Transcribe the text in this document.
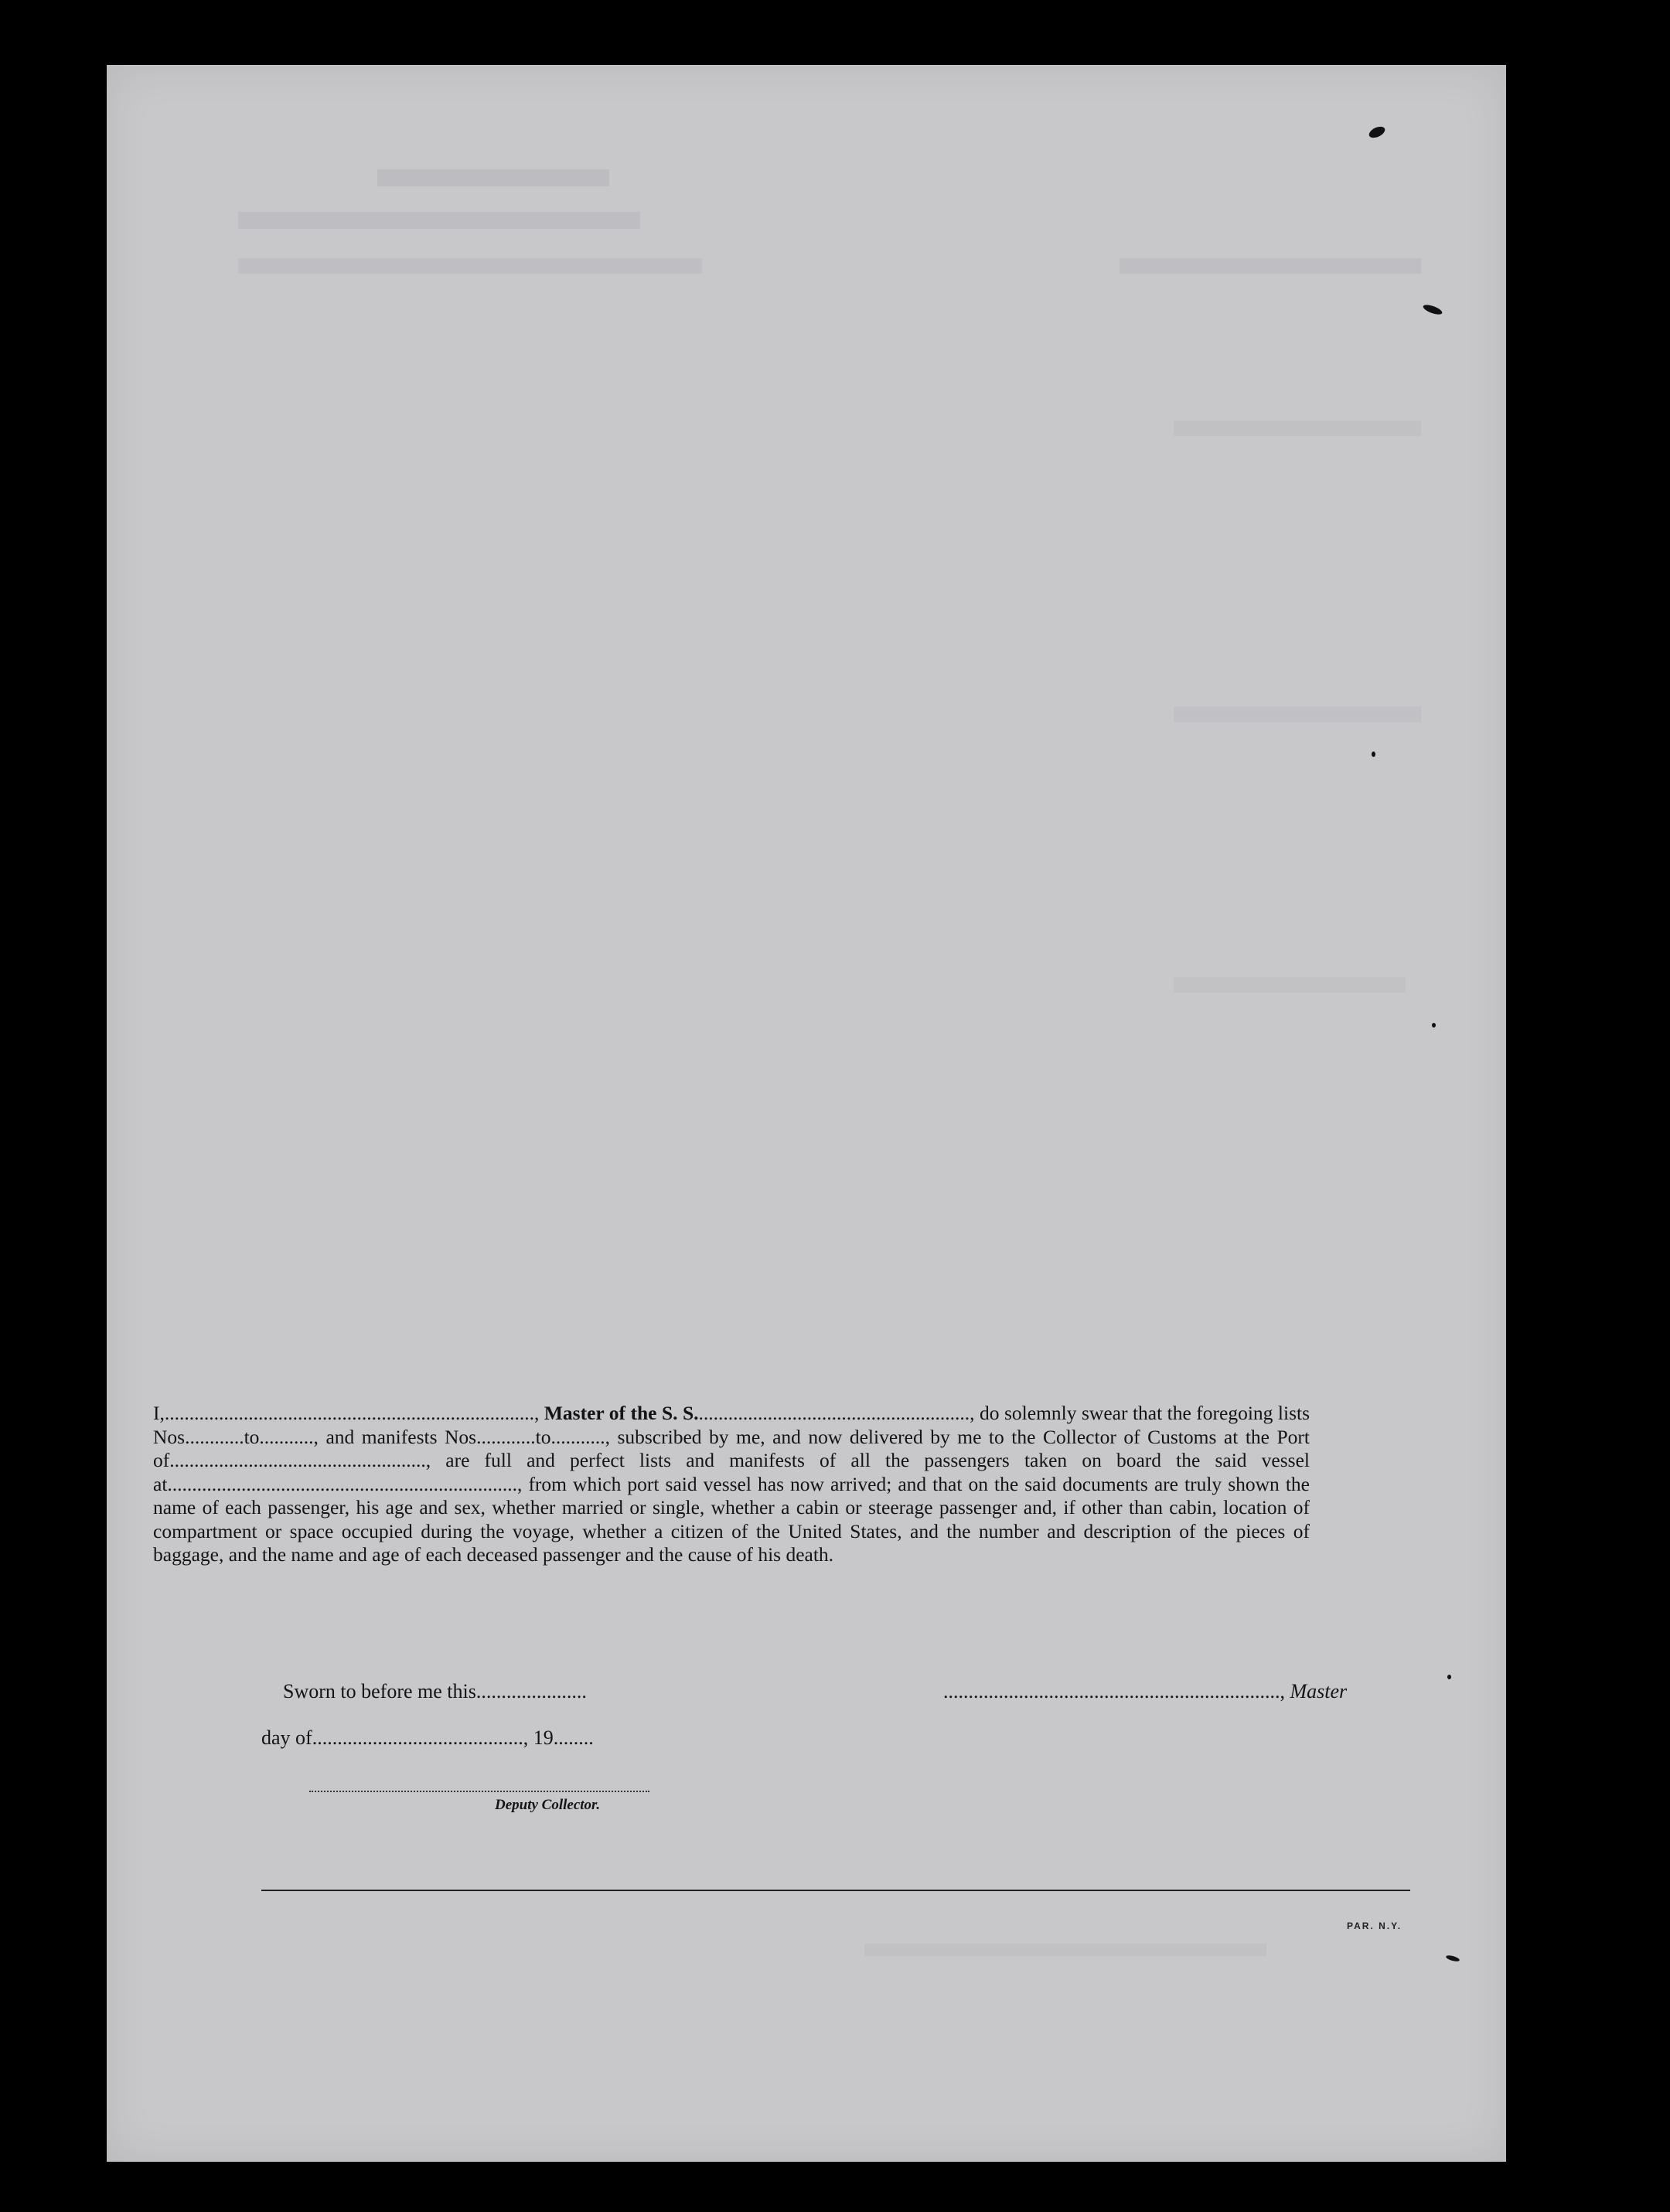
I,..........................................................................., Master of the S. S........................................................, do solemnly swear that the foregoing lists Nos............to..........., and manifests Nos............to..........., subscribed by me, and now delivered by me to the Collector of Customs at the Port of...................................................., are full and perfect lists and manifests of all the passengers taken on board the said vessel at......................................................................., from which port said vessel has now arrived; and that on the said documents are truly shown the name of each passenger, his age and sex, whether married or single, whether a cabin or steerage passenger and, if other than cabin, location of compartment or space occupied during the voyage, whether a citizen of the United States, and the number and description of the pieces of baggage, and the name and age of each deceased passenger and the cause of his death.
Sworn to before me this......................	..................................................................., Master
day of.........................................., 19........
Deputy Collector.
PAR. N.Y.
